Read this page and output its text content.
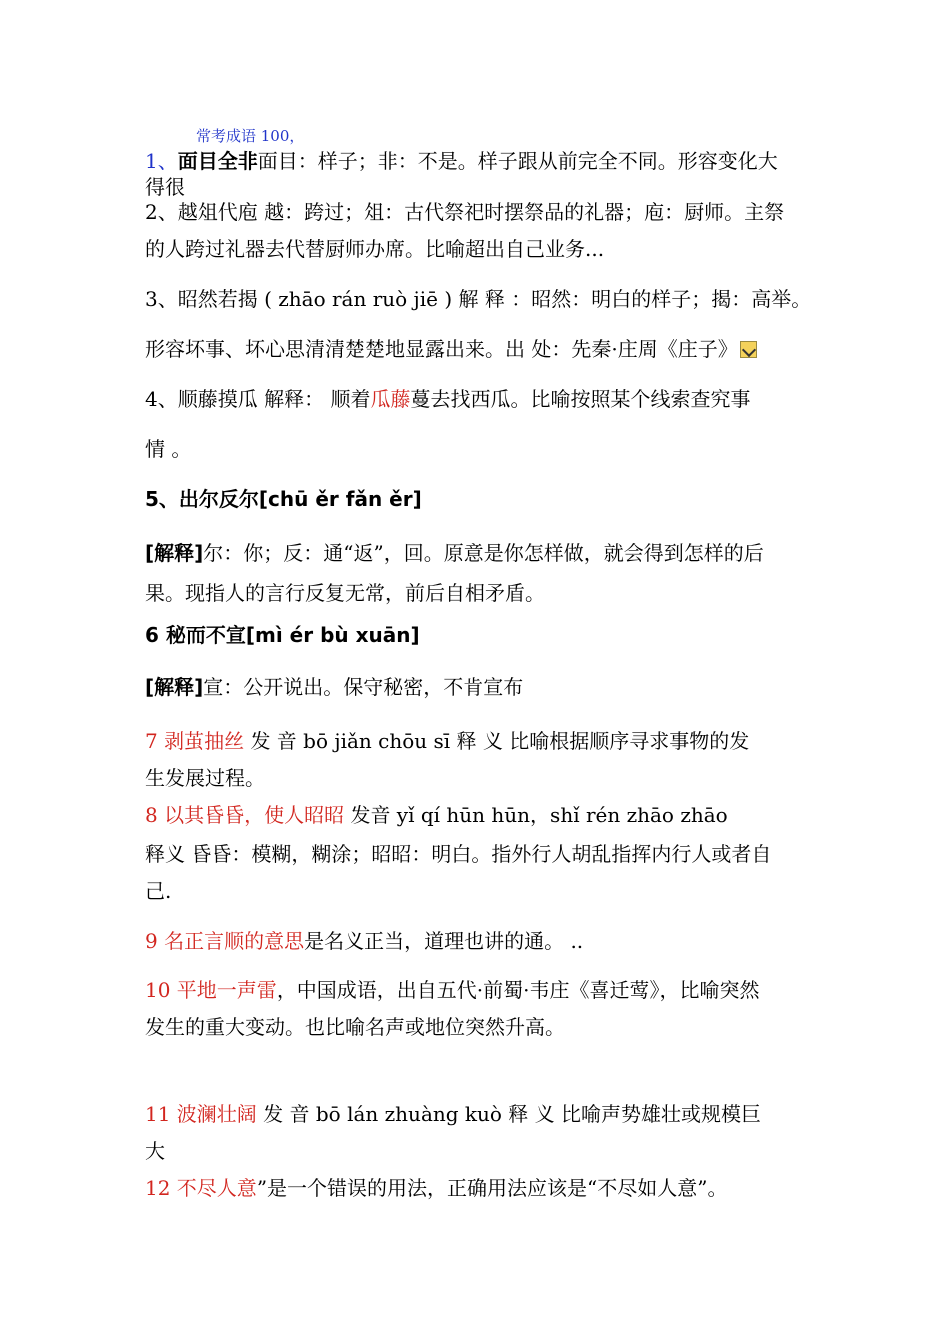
常考成语 100，
1、面目全非面目：样子；非：不是。样子跟从前完全不同。形容变化大
得很
2、越俎代庖 越：跨过；俎：古代祭祀时摆祭品的礼器；庖：厨师。主祭
的人跨过礼器去代替厨师办席。比喻超出自己业务...
3、昭然若揭 ( zhāo rán ruò jiē ) 解 释 ：昭然：明白的样子；揭：高举。
形容坏事、坏心思清清楚楚地显露出来。出 处：先秦·庄周《庄子》
4、顺藤摸瓜 解释： 顺着瓜藤蔓去找西瓜。比喻按照某个线索查究事
情 。
5、出尔反尔[chū ěr fǎn ěr]
[解释]尔：你；反：通“返”，回。原意是你怎样做，就会得到怎样的后
果。现指人的言行反复无常，前后自相矛盾。
6 秘而不宣[mì ér bù xuān]
[解释]宣：公开说出。保守秘密，不肯宣布
7 剥茧抽丝 发 音 bō jiǎn chōu sī 释 义 比喻根据顺序寻求事物的发
生发展过程。
8 以其昏昏，使人昭昭 发音 yǐ qí hūn hūn，shǐ rén zhāo zhāo
释义 昏昏：模糊，糊涂；昭昭：明白。指外行人胡乱指挥内行人或者自
己.
9 名正言顺的意思是名义正当，道理也讲的通。 ..
10 平地一声雷，中国成语，出自五代·前蜀·韦庄《喜迁莺》，比喻突然
发生的重大变动。也比喻名声或地位突然升高。
11 波澜壮阔 发 音 bō lán zhuàng kuò 释 义 比喻声势雄壮或规模巨
大
12 不尽人意”是一个错误的用法，正确用法应该是“不尽如人意”。
